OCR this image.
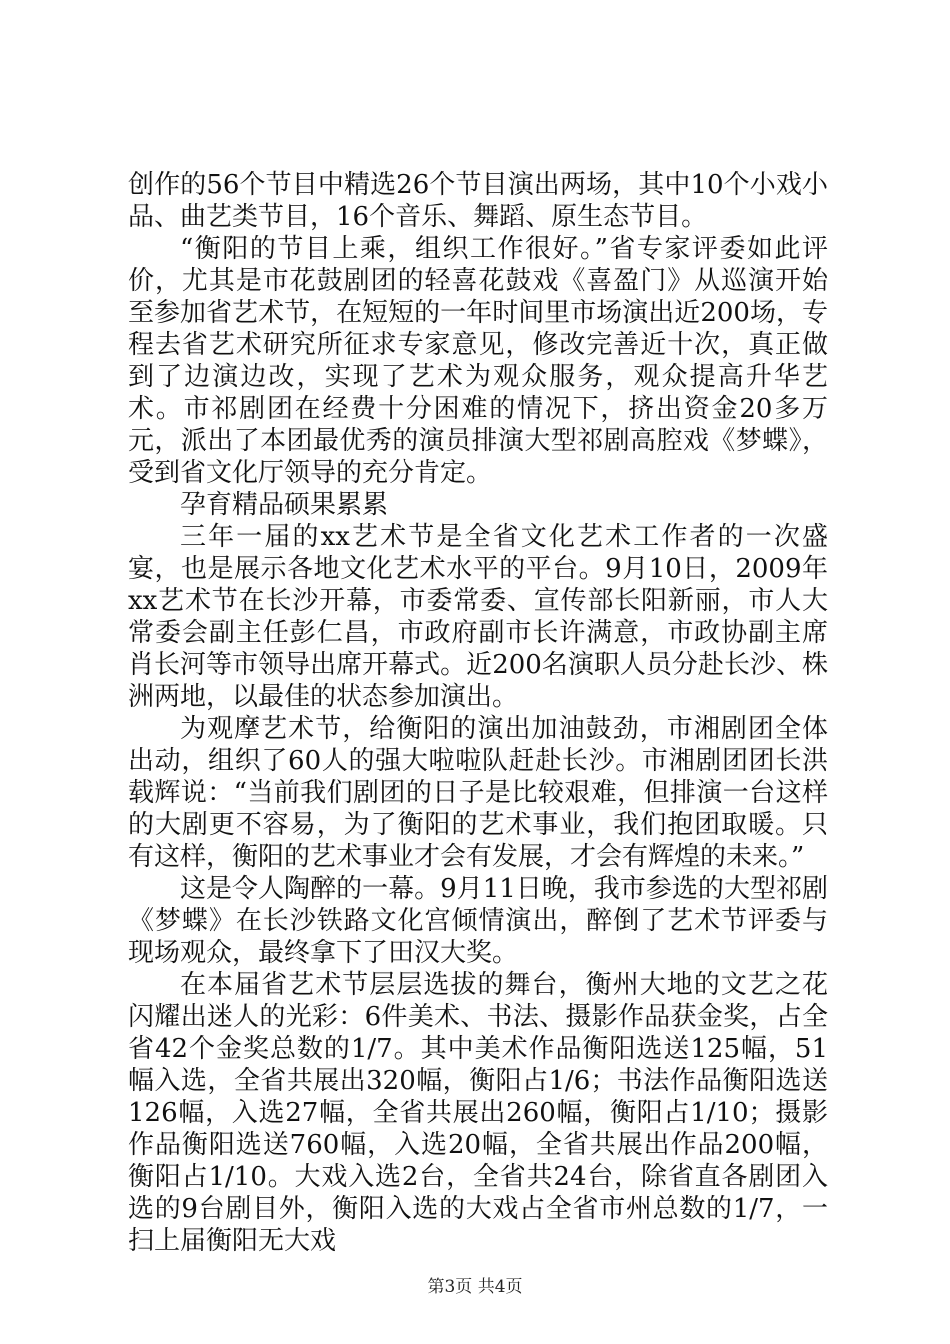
创作的56个节目中精选26个节目演出两场，其中10个小戏小品、曲艺类节目，16个音乐、舞蹈、原生态节目。

“衡阳的节目上乘，组织工作很好。”省专家评委如此评价，尤其是市花鼓剧团的轻喜花鼓戏《喜盈门》从巡演开始至参加省艺术节，在短短的一年时间里市场演出近200场，专程去省艺术研究所征求专家意见，修改完善近十次，真正做到了边演边改，实现了艺术为观众服务，观众提高升华艺术。市祁剧团在经费十分困难的情况下，挤出资金20多万元，派出了本团最优秀的演员排演大型祁剧高腔戏《梦蝶》，受到省文化厅领导的充分肯定。

孕育精品硕果累累

三年一届的xx艺术节是全省文化艺术工作者的一次盛宴，也是展示各地文化艺术水平的平台。9月10日，2009年xx艺术节在长沙开幕，市委常委、宣传部长阳新丽，市人大常委会副主任彭仁昌，市政府副市长许满意，市政协副主席肖长河等市领导出席开幕式。近200名演职人员分赴长沙、株洲两地，以最佳的状态参加演出。

为观摩艺术节，给衡阳的演出加油鼓劲，市湘剧团全体出动，组织了60人的强大啦啦队赶赴长沙。市湘剧团团长洪载辉说：“当前我们剧团的日子是比较艰难，但排演一台这样的大剧更不容易，为了衡阳的艺术事业，我们抱团取暖。只有这样，衡阳的艺术事业才会有发展，才会有辉煌的未来。”

这是令人陶醉的一幕。9月11日晚，我市参选的大型祁剧《梦蝶》在长沙铁路文化宫倾情演出，醉倒了艺术节评委与现场观众，最终拿下了田汉大奖。

在本届省艺术节层层选拔的舞台，衡州大地的文艺之花闪耀出迷人的光彩：6件美术、书法、摄影作品获金奖，占全省42个金奖总数的1/7。其中美术作品衡阳选送125幅，51幅入选，全省共展出320幅，衡阳占1/6；书法作品衡阳选送126幅，入选27幅，全省共展出260幅，衡阳占1/10；摄影作品衡阳选送760幅，入选20幅，全省共展出作品200幅，衡阳占1/10。大戏入选2台，全省共24台，除省直各剧团入选的9台剧目外，衡阳入选的大戏占全省市州总数的1/7，一扫上届衡阳无大戏

第3页 共4页
